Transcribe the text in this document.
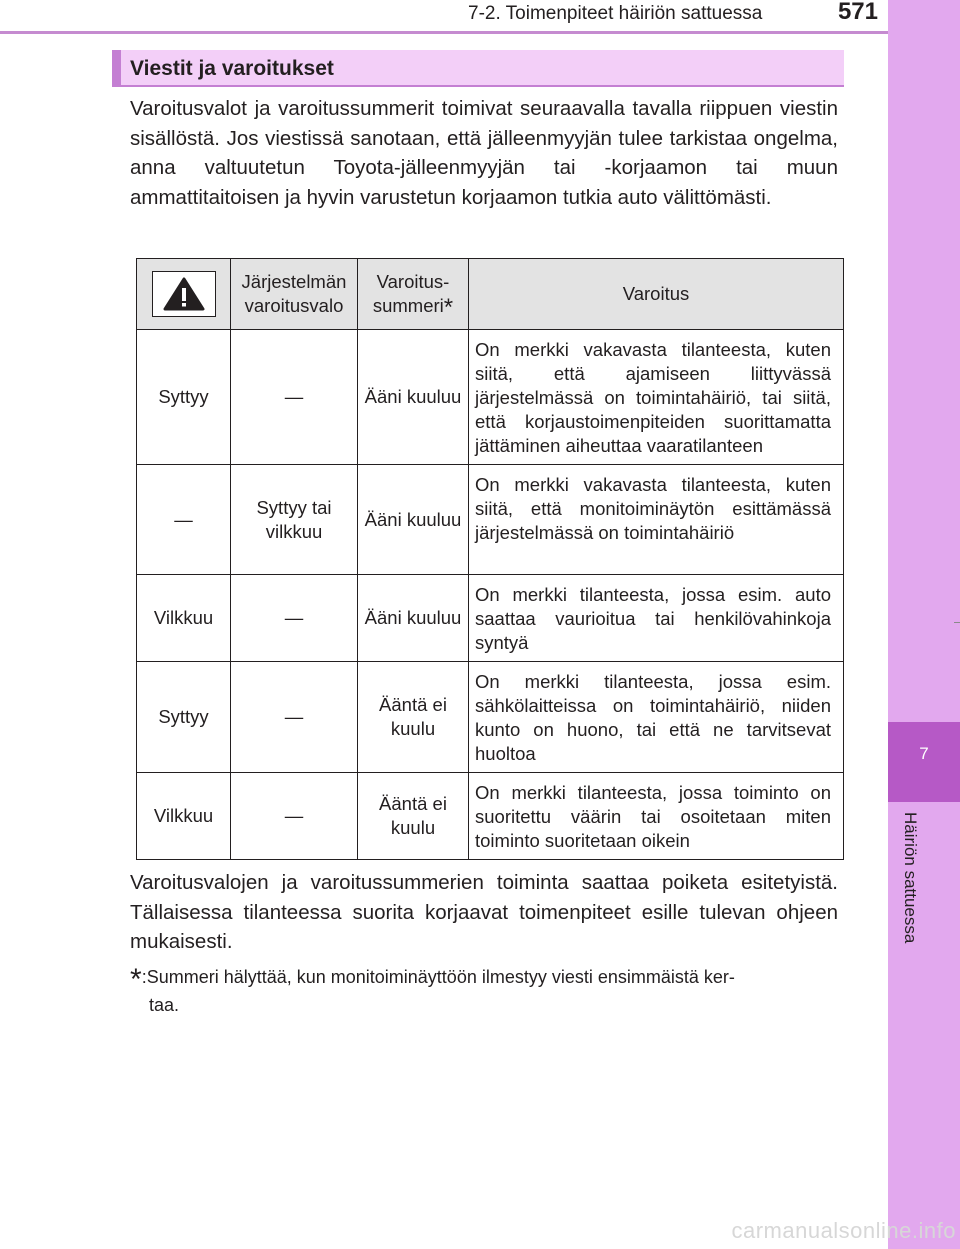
7
Häiriön sattuessa
7-2. Toimenpiteet häiriön sattuessa	571
Viestit ja varoitukset

Varoitusvalot ja varoitussummerit toimivat seuraavalla tavalla riippuen viestin sisällöstä. Jos viestissä sanotaan, että jälleenmyyjän tulee tarkistaa ongelma, anna valtuutetun Toyota-jälleenmyyjän tai -korjaamon tai muun ammattitaitoisen ja hyvin varustetun korjaamon tutkia auto välittömästi.

	Järjestelmän varoitusvalo	Varoitus-summeri*	Varoitus
Syttyy	—	Ääni kuuluu	On merkki vakavasta tilanteesta, kuten siitä, että ajamiseen liittyvässä järjestelmässä on toimintahäiriö, tai siitä, että korjaustoimenpiteiden suorittamatta jättäminen aiheuttaa vaaratilanteen
—	Syttyy tai vilkkuu	Ääni kuuluu	On merkki vakavasta tilanteesta, kuten siitä, että monitoiminäytön esittämässä järjestelmässä on toimintahäiriö
Vilkkuu	—	Ääni kuuluu	On merkki tilanteesta, jossa esim. auto saattaa vaurioitua tai henkilövahinkoja syntyä
Syttyy	—	Ääntä ei kuulu	On merkki tilanteesta, jossa esim. sähkölaitteissa on toimintahäiriö, niiden kunto on huono, tai että ne tarvitsevat huoltoa
Vilkkuu	—	Ääntä ei kuulu	On merkki tilanteesta, jossa toiminto on suoritettu väärin tai osoitetaan miten toiminto suoritetaan oikein

Varoitusvalojen ja varoitussummerien toiminta saattaa poiketa esitetyistä. Tällaisessa tilanteessa suorita korjaavat toimenpiteet esille tulevan ohjeen mukaisesti.

*:Summeri hälyttää, kun monitoiminäyttöön ilmestyy viesti ensimmäistä ker-
taa.

carmanualsonline.info
